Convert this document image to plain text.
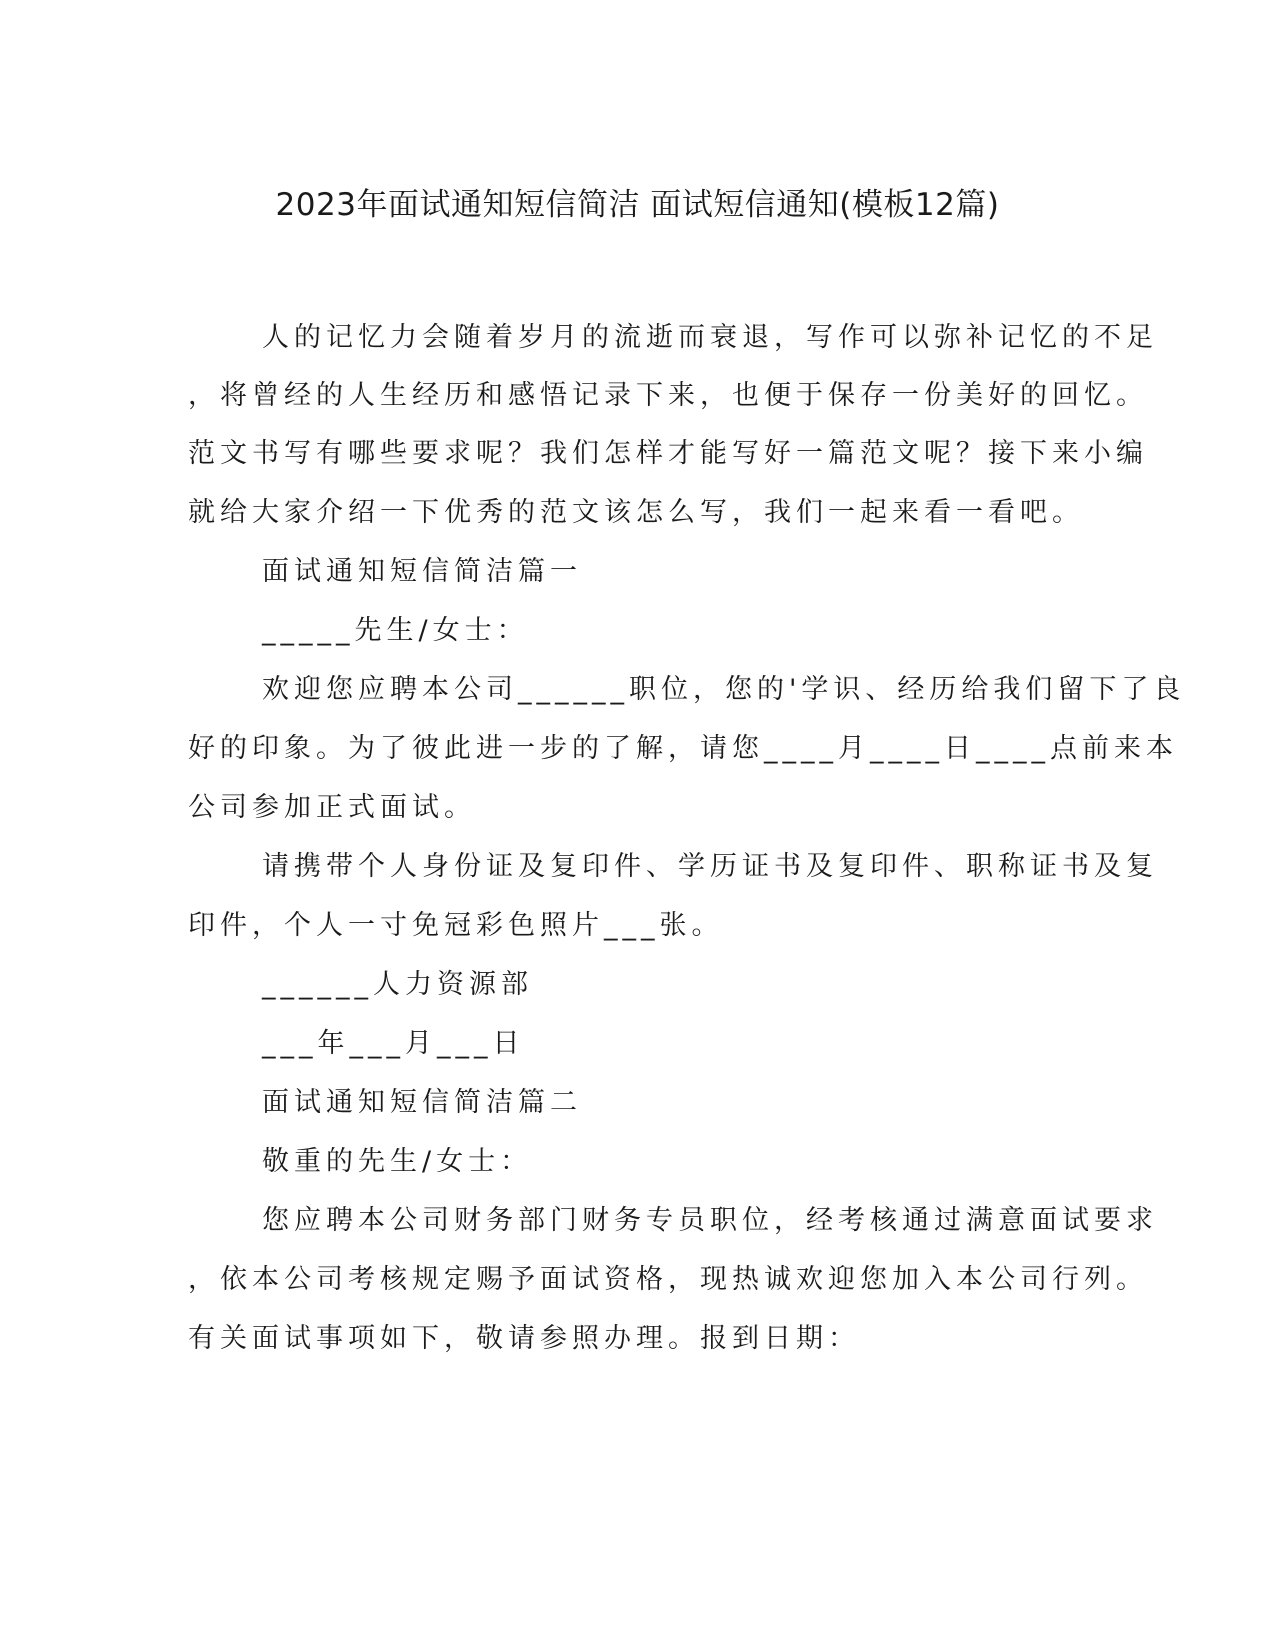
2023年面试通知短信简洁 面试短信通知(模板12篇)
人的记忆力会随着岁月的流逝而衰退，写作可以弥补记忆的不足
，将曾经的人生经历和感悟记录下来，也便于保存一份美好的回忆。
范文书写有哪些要求呢？我们怎样才能写好一篇范文呢？接下来小编
就给大家介绍一下优秀的范文该怎么写，我们一起来看一看吧。
面试通知短信简洁篇一
_____先生/女士：
欢迎您应聘本公司______职位，您的'学识、经历给我们留下了良
好的印象。为了彼此进一步的了解，请您____月____日____点前来本
公司参加正式面试。
请携带个人身份证及复印件、学历证书及复印件、职称证书及复
印件，个人一寸免冠彩色照片___张。
______人力资源部
___年___月___日
面试通知短信简洁篇二
敬重的先生/女士：
您应聘本公司财务部门财务专员职位，经考核通过满意面试要求
，依本公司考核规定赐予面试资格，现热诚欢迎您加入本公司行列。
有关面试事项如下，敬请参照办理。报到日期：
